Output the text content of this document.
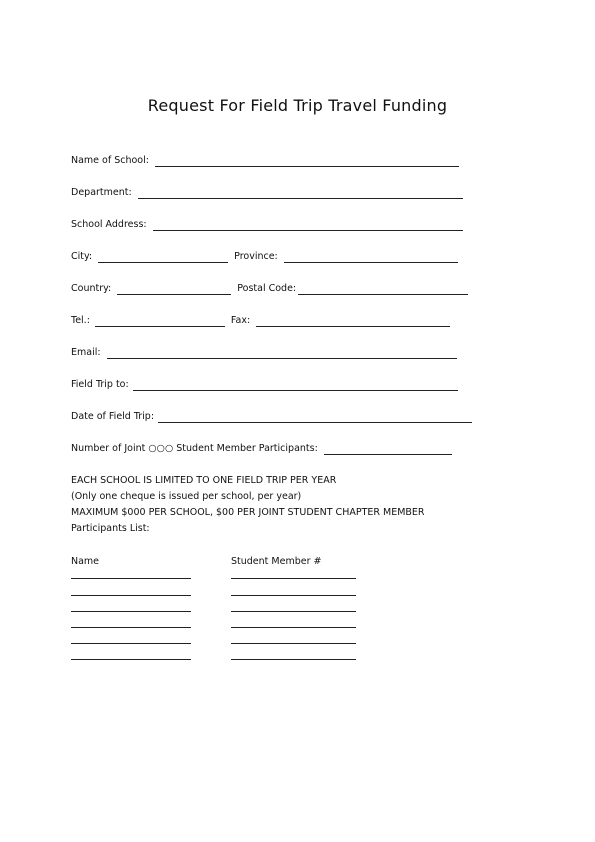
Request For Field Trip Travel Funding
Name of School:
Department:
School Address:
City:	Province:
Country:	Postal Code:
Tel.:	Fax:
Email:
Field Trip to:
Date of Field Trip:
Number of Joint ○○○ Student Member Participants:
EACH SCHOOL IS LIMITED TO ONE FIELD TRIP PER YEAR
(Only one cheque is issued per school, per year)
MAXIMUM $000 PER SCHOOL, $00 PER JOINT STUDENT CHAPTER MEMBER
Participants List:
Name	Student Member #
